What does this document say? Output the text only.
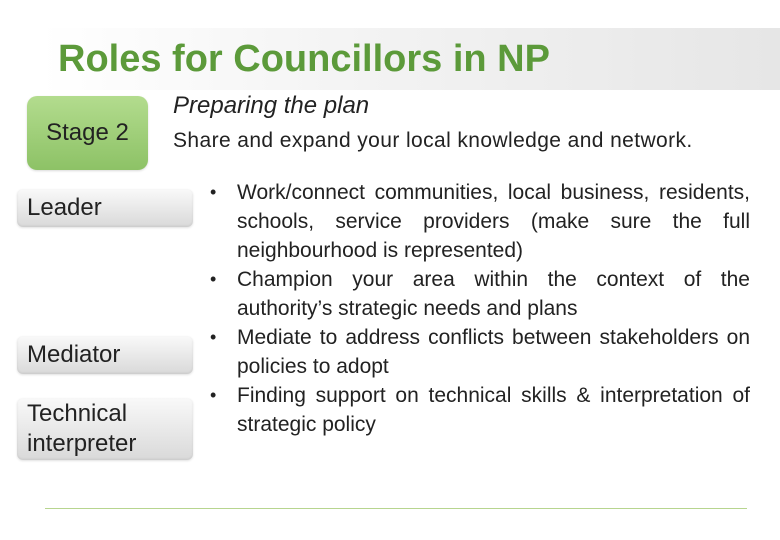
Roles for Councillors in NP
Stage 2
Preparing the plan
Share and expand your local knowledge and network.
Leader
Mediator
Technical interpreter
• Work/connect communities, local business, residents, schools, service providers (make sure the full neighbourhood is represented)
• Champion your area within the context of the authority’s strategic needs and plans
• Mediate to address conflicts between stakeholders on policies to adopt
• Finding support on technical skills & interpretation of strategic policy
